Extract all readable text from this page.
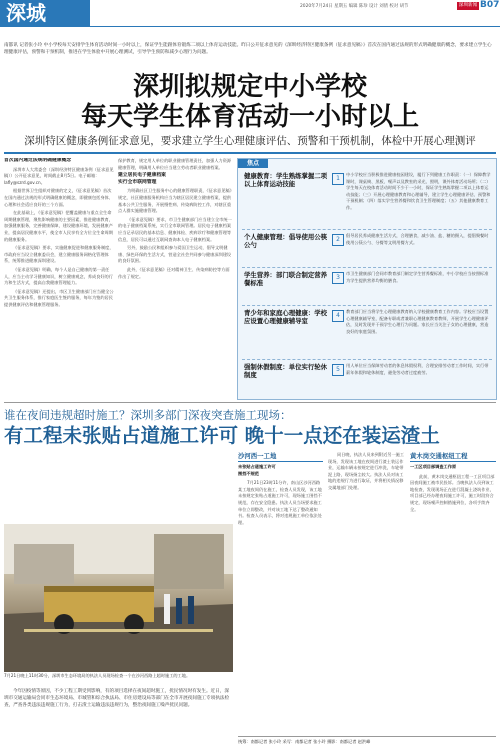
深城	2020年7月24日 星期五 编辑 陈珍 设计 刘倩 校对 胡节	深圳新闻 B07
南都讯 记者张小玲 中小学校每天安排学生体育活动时间一小时以上，保证学生能跟体育锻炼二项以上体育运动技能。昨日公开征求意见的《深圳经济特区健康条例（征求意见稿）》首次在国内通过法规的形式明确健康的概念，要求建立学生心理健康评估，预警和干预机制，推进在学生体验中开展心理测试，引导学生预防和减少心理行为问题。
深圳拟规定中小学校
每天学生体育活动一小时以上
深圳特区健康条例征求意见，要求建立学生心理健康评估、预警和干预机制，体检中开展心理测评
首次国内通过法规明确健康概念

深圳市人大常委会（深圳经济特区健康条例（征求意见稿））公开征求意见，时间截止8月5日。电子邮箱：lafly@szrd.gov.cn。

根据世界卫生组织对健康的定义，《征求意见稿》首次在国内通过法规的形式明确健康的概念，即健康包括身体、心理和社会适应良好的三个方面。

在此基础上，《征求意见稿》把覆盖健康与重点全生命周期健康管理，聚焦影响健康的主要因素，推进健康教育，加强健康服务，完善健康保障，建设健康环境，发展健康产业，提高居民健康水平，使全市人民享有全方位全生命周期的健康服务。

《征求意见稿》要求，实施健康促进和健康服务制度，市政府应当设立健康委员会，建立健康服务网格化管理体系，统筹推进健康深圳建设。

《征求意见稿》明确，每个人是自己健康的第一责任人，应当主动学习健康知识，树立健康观念，养成良好的行为和生活方式，提高自我健康管理能力。

《征求意见稿》还提出，市区卫生健康部门应当健全公共卫生服务体系，推行家庭医生签约服务，每年为签约居民提供健康评估和健康管理服务。

保护教育，规定用人单位的职业健康管理责任，加强人力资源健康管理，明确用人单位应当建立劳动者职业健康档案。

建立居民电子健康档案
实行全市联网管理

为明确社区卫生服务中心的健康管理职责，《征求意见稿》规定，社区健康服务机构应当为辖区居民建立健康档案，提供基本公共卫生服务，开展慢性病、传染病防控工作，对辖区重点人群实施健康管理。

《征求意见稿》要求，市卫生健康部门应当建立全市统一的电子健康档案系统，实行全市联网管理。居民电子健康档案应当记录居民的基本信息、健康体检、疾病诊疗和健康管理等信息，居民可以通过互联网查询本人电子健康档案。

另外，鼓励公民和组织参与爱国卫生运动，倡导文明健康、绿色环保的生活方式，营造全社会共同参与健康深圳建设的良好氛围。

此外，《征求意见稿》还对精神卫生、传染病防控等方面作出了规定。

焦点
健康教育：学生熟练掌握二项以上体育运动技能
1
中小学校应当积极推进健康校园建设，履行下列健康工作职责：（一）保障教学课时，课桌椅、黑板、噪声以及教室的采光、照明，课外体育活动场所；（二）学生每天在校体育活动时间不少于一小时，保证学生熟练掌握二项以上体育运动技能；（三）开展心理健康教育和心理辅导，建立学生心理健康评估、预警和干预机制；（四）落实学生营养餐和饮食卫生管理制度；（五）其他健康教育工作。
个人健康管理：倡导使用公筷公勺
2
倡导居民养成健康生活方式，合理膳食，减少油、盐、糖的摄入，提倡聚餐时使用公筷公勺、分餐等文明用餐方式。
学生营养：部门联合制定营养餐标准
3
市卫生健康部门会同市教育部门制定学生营养餐标准，中小学校应当按照标准为学生提供营养均衡的膳食。
青少年和家庭心理健康：学校应设置心理健康辅导室
4
教育部门应当将学生心理健康教育纳入学校健康教育工作内容。学校应当设置心理健康辅导室，配备专职或者兼职心理健康教育教师，开展学生心理健康评估，及时发现并干预学生心理行为问题。家长应当关注子女的心理健康，营造良好的家庭氛围。
强制休假制度：单位实行轮休制度
5
用人单位应当保障劳动者的休息休假权利，合理安排劳动者工作时间，实行带薪年休假和轮休制度，避免劳动者过度疲劳。
谁在夜间违规超时施工？深圳多部门深夜突查施工现场：
有工程未张贴占道施工许可 晚十一点还在装运渣土
7月21日晚上11时30分，深圳市生态环境局的执法人员现场检查一个在沙河西路上超时施工的工地。
今年因疫情等原因，不少工程工期受到影响，有的项目选择在夜间超时施工，扰民情况时有发生。近日，深圳市交通运输局会同市生态环境局、市城管和综合执法局、市住房建设局等部门在全市开展夜间施工专项执法检查，严查各类违法违规施工行为，打击渣土运输违法违规行为，整治夜间施工噪声扰民问题。
沙河西一工地
未张贴占道施工许可
围挡不规范
7月21日23时11分许，南山区沙河西路某工地夜间仍在施工，检查人员发现，该工地未按规定张贴占道施工许可，现场施工围挡不规范，存在安全隐患。执法人员当场要求施工单位立即整改，并对该工地下达了整改通知书。检查人员表示，将对违规施工单位依法处理。
同日晚，执法人员来到附近另一施工现场，发现该工地在夜间进行渣土装运作业，运输车辆未按规定进行冲洗，车轮带泥上路，现场扬尘较大。执法人员对该工地的违规行为进行取证，并将相关情况移交属地部门处理。
黄木岗交通枢纽工程
一工区项目部调查工作原
此前，黄木岗交通枢纽工程一工区项目部因夜间施工被市民投诉。当晚执法人员到该工地检查，发现现场正在进行混凝土浇筑作业，项目部已经办理夜间施工许可，施工时段符合规定，现场噪声控制措施到位，各项手续齐全。
统筹：南都记者 张小玲 采写：南都记者 张小玲 摄影：南都记者 赵洪峰
